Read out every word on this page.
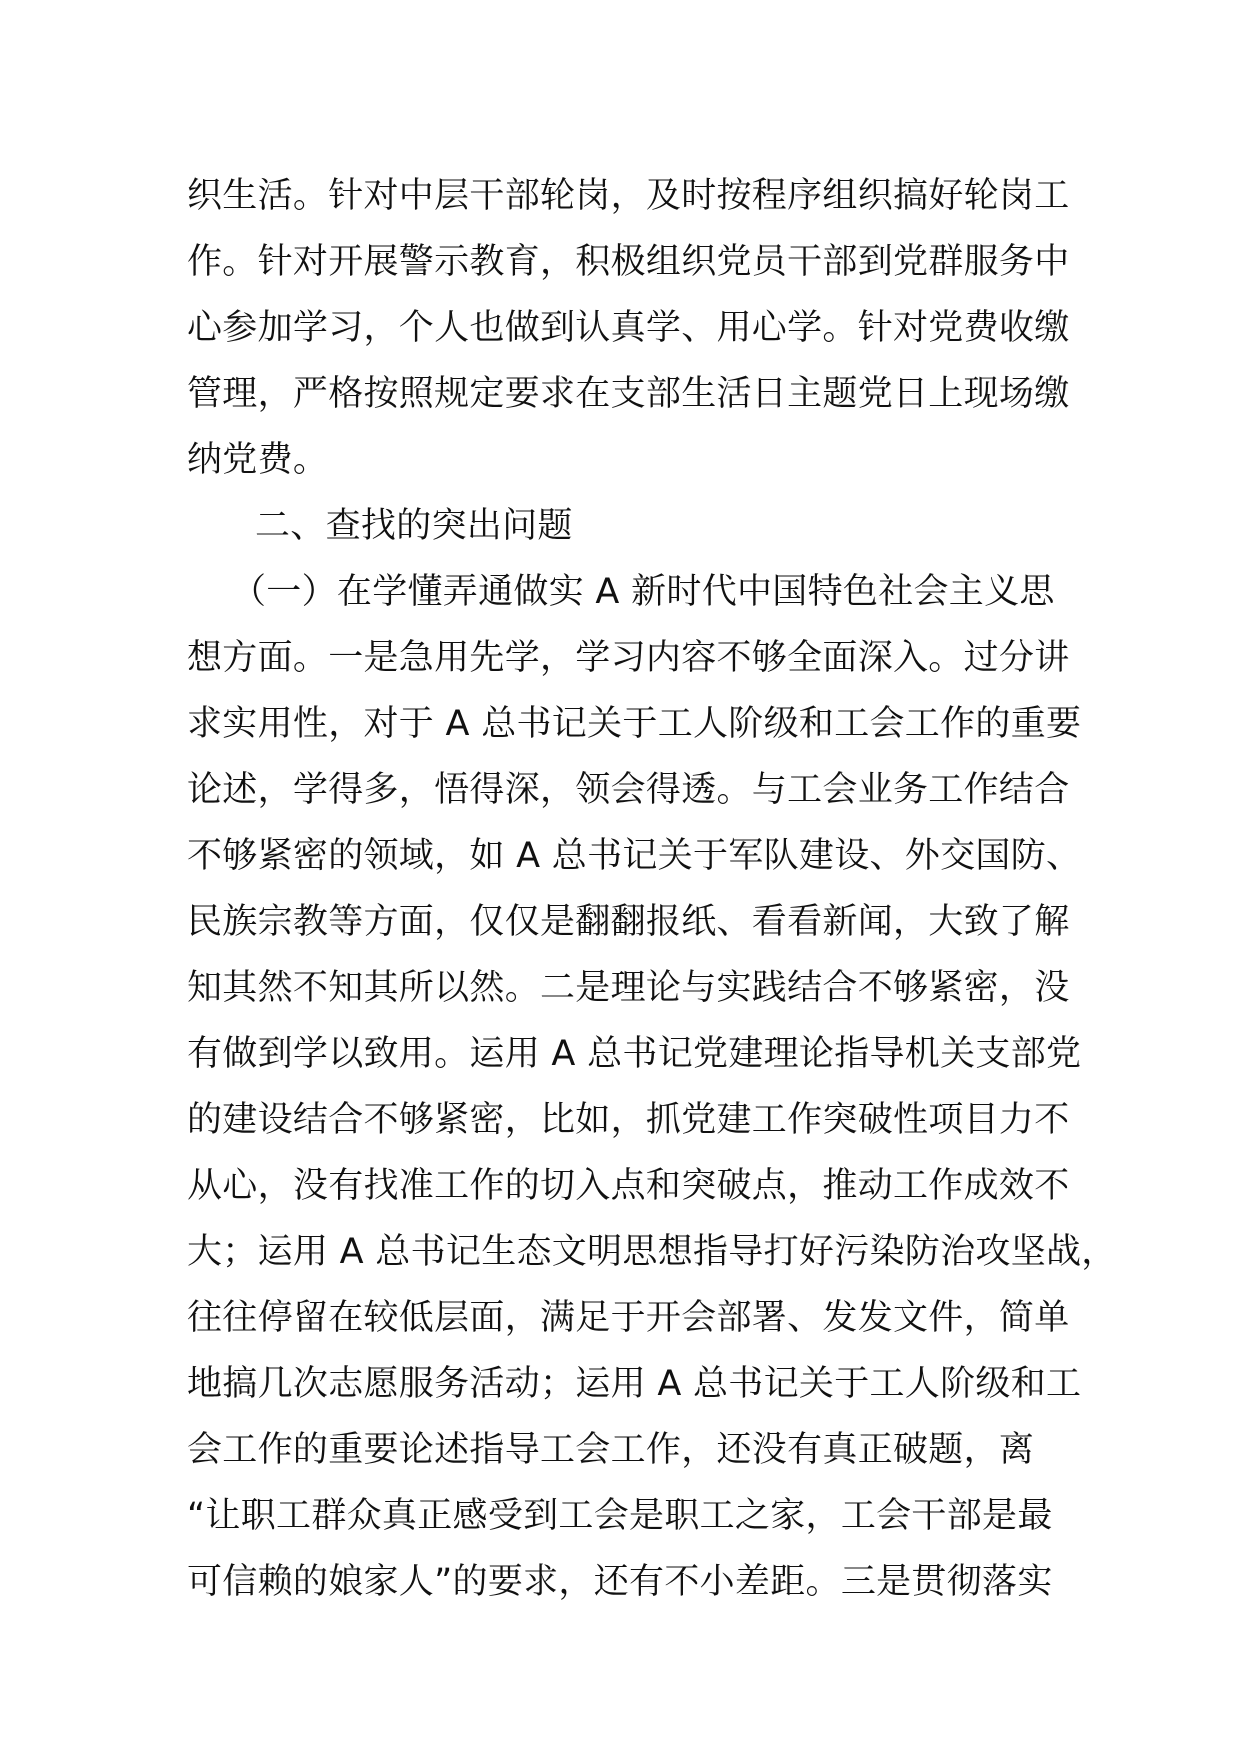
织生活。针对中层干部轮岗，及时按程序组织搞好轮岗工
作。针对开展警示教育，积极组织党员干部到党群服务中
心参加学习，个人也做到认真学、用心学。针对党费收缴
管理，严格按照规定要求在支部生活日主题党日上现场缴
纳党费。
二、查找的突出问题
（一）在学懂弄通做实 A 新时代中国特色社会主义思
想方面。一是急用先学，学习内容不够全面深入。过分讲
求实用性，对于 A 总书记关于工人阶级和工会工作的重要
论述，学得多，悟得深，领会得透。与工会业务工作结合
不够紧密的领域，如 A 总书记关于军队建设、外交国防、
民族宗教等方面，仅仅是翻翻报纸、看看新闻，大致了解
知其然不知其所以然。二是理论与实践结合不够紧密，没
有做到学以致用。运用 A 总书记党建理论指导机关支部党
的建设结合不够紧密，比如，抓党建工作突破性项目力不
从心，没有找准工作的切入点和突破点，推动工作成效不
大；运用 A 总书记生态文明思想指导打好污染防治攻坚战，
往往停留在较低层面，满足于开会部署、发发文件，简单
地搞几次志愿服务活动；运用 A 总书记关于工人阶级和工
会工作的重要论述指导工会工作，还没有真正破题，离
“让职工群众真正感受到工会是职工之家，工会干部是最
可信赖的娘家人”的要求，还有不小差距。三是贯彻落实
